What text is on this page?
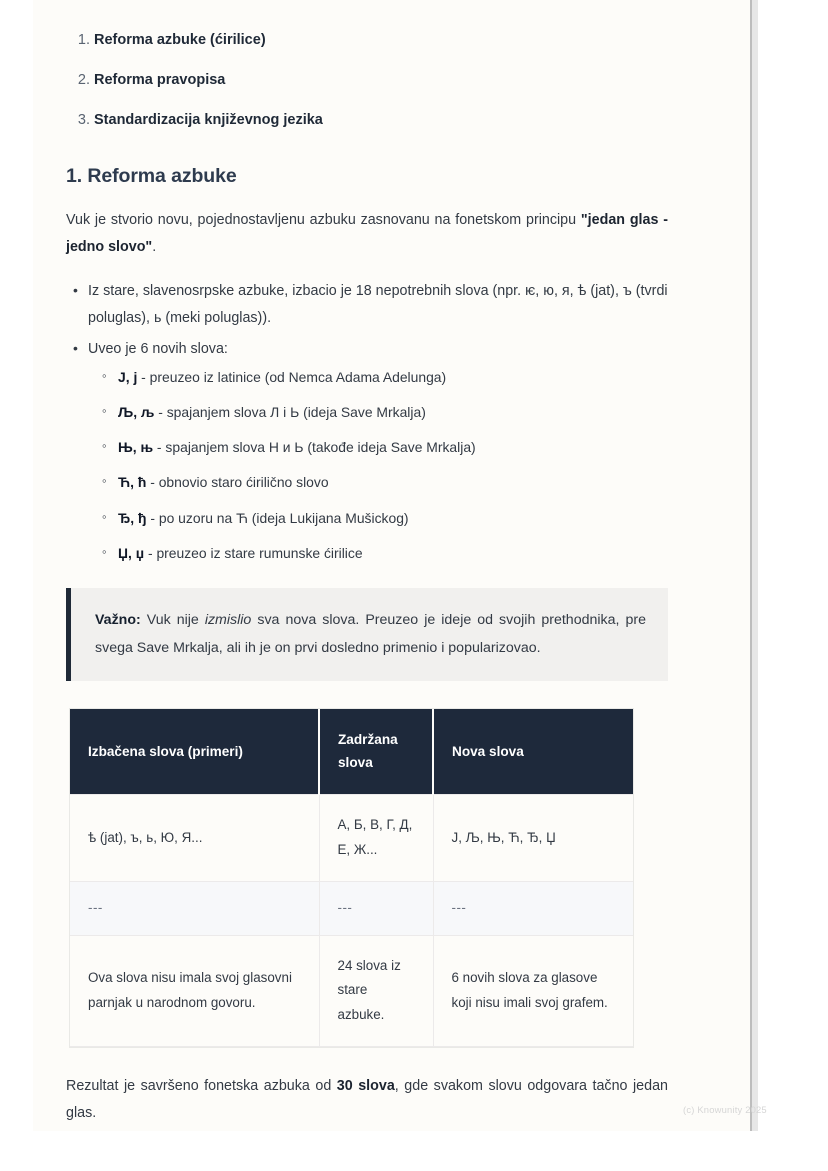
Reforma azbuke (ćirilice)
Reforma pravopisa
Standardizacija književnog jezika
1. Reforma azbuke

Vuk je stvorio novu, pojednostavljenu azbuku zasnovanu na fonetskom principu "jedan glas - jedno slovo".

• Iz stare, slavenosrpske azbuke, izbacio je 18 nepotrebnih slova (npr. ѥ, ю, я, ѣ (jat), ъ (tvrdi poluglas), ь (meki poluglas)).
• Uveo je 6 novih slova:
◦ J, j - preuzeo iz latinice (od Nemca Adama Adelunga)
◦ Љ, љ - spajanjem slova Л i Ь (ideja Save Mrkalja)
◦ Њ, њ - spajanjem slova Н и Ь (takođe ideja Save Mrkalja)
◦ Ћ, ћ - obnovio staro ćirilično slovo
◦ Ђ, ђ - po uzoru na Ћ (ideja Lukijana Mušickog)
◦ Џ, џ - preuzeo iz stare rumunske ćirilice

Važno: Vuk nije izmislio sva nova slova. Preuzeo je ideje od svojih prethodnika, pre svega Save Mrkalja, ali ih je on prvi dosledno primenio i popularizovao.

Izbačena slova (primeri)	Zadržana slova	Nova slova
ѣ (jat), ъ, ь, Ю, Я...	А, Б, В, Г, Д, Е, Ж...	J, Љ, Њ, Ћ, Ђ, Џ
---	---	---
Ova slova nisu imala svoj glasovni parnjak u narodnom govoru.	24 slova iz stare azbuke.	6 novih slova za glasove koji nisu imali svoj grafem.

Rezultat je savršeno fonetska azbuka od 30 slova, gde svakom slovu odgovara tačno jedan glas.	(c) Knowunity 2025
